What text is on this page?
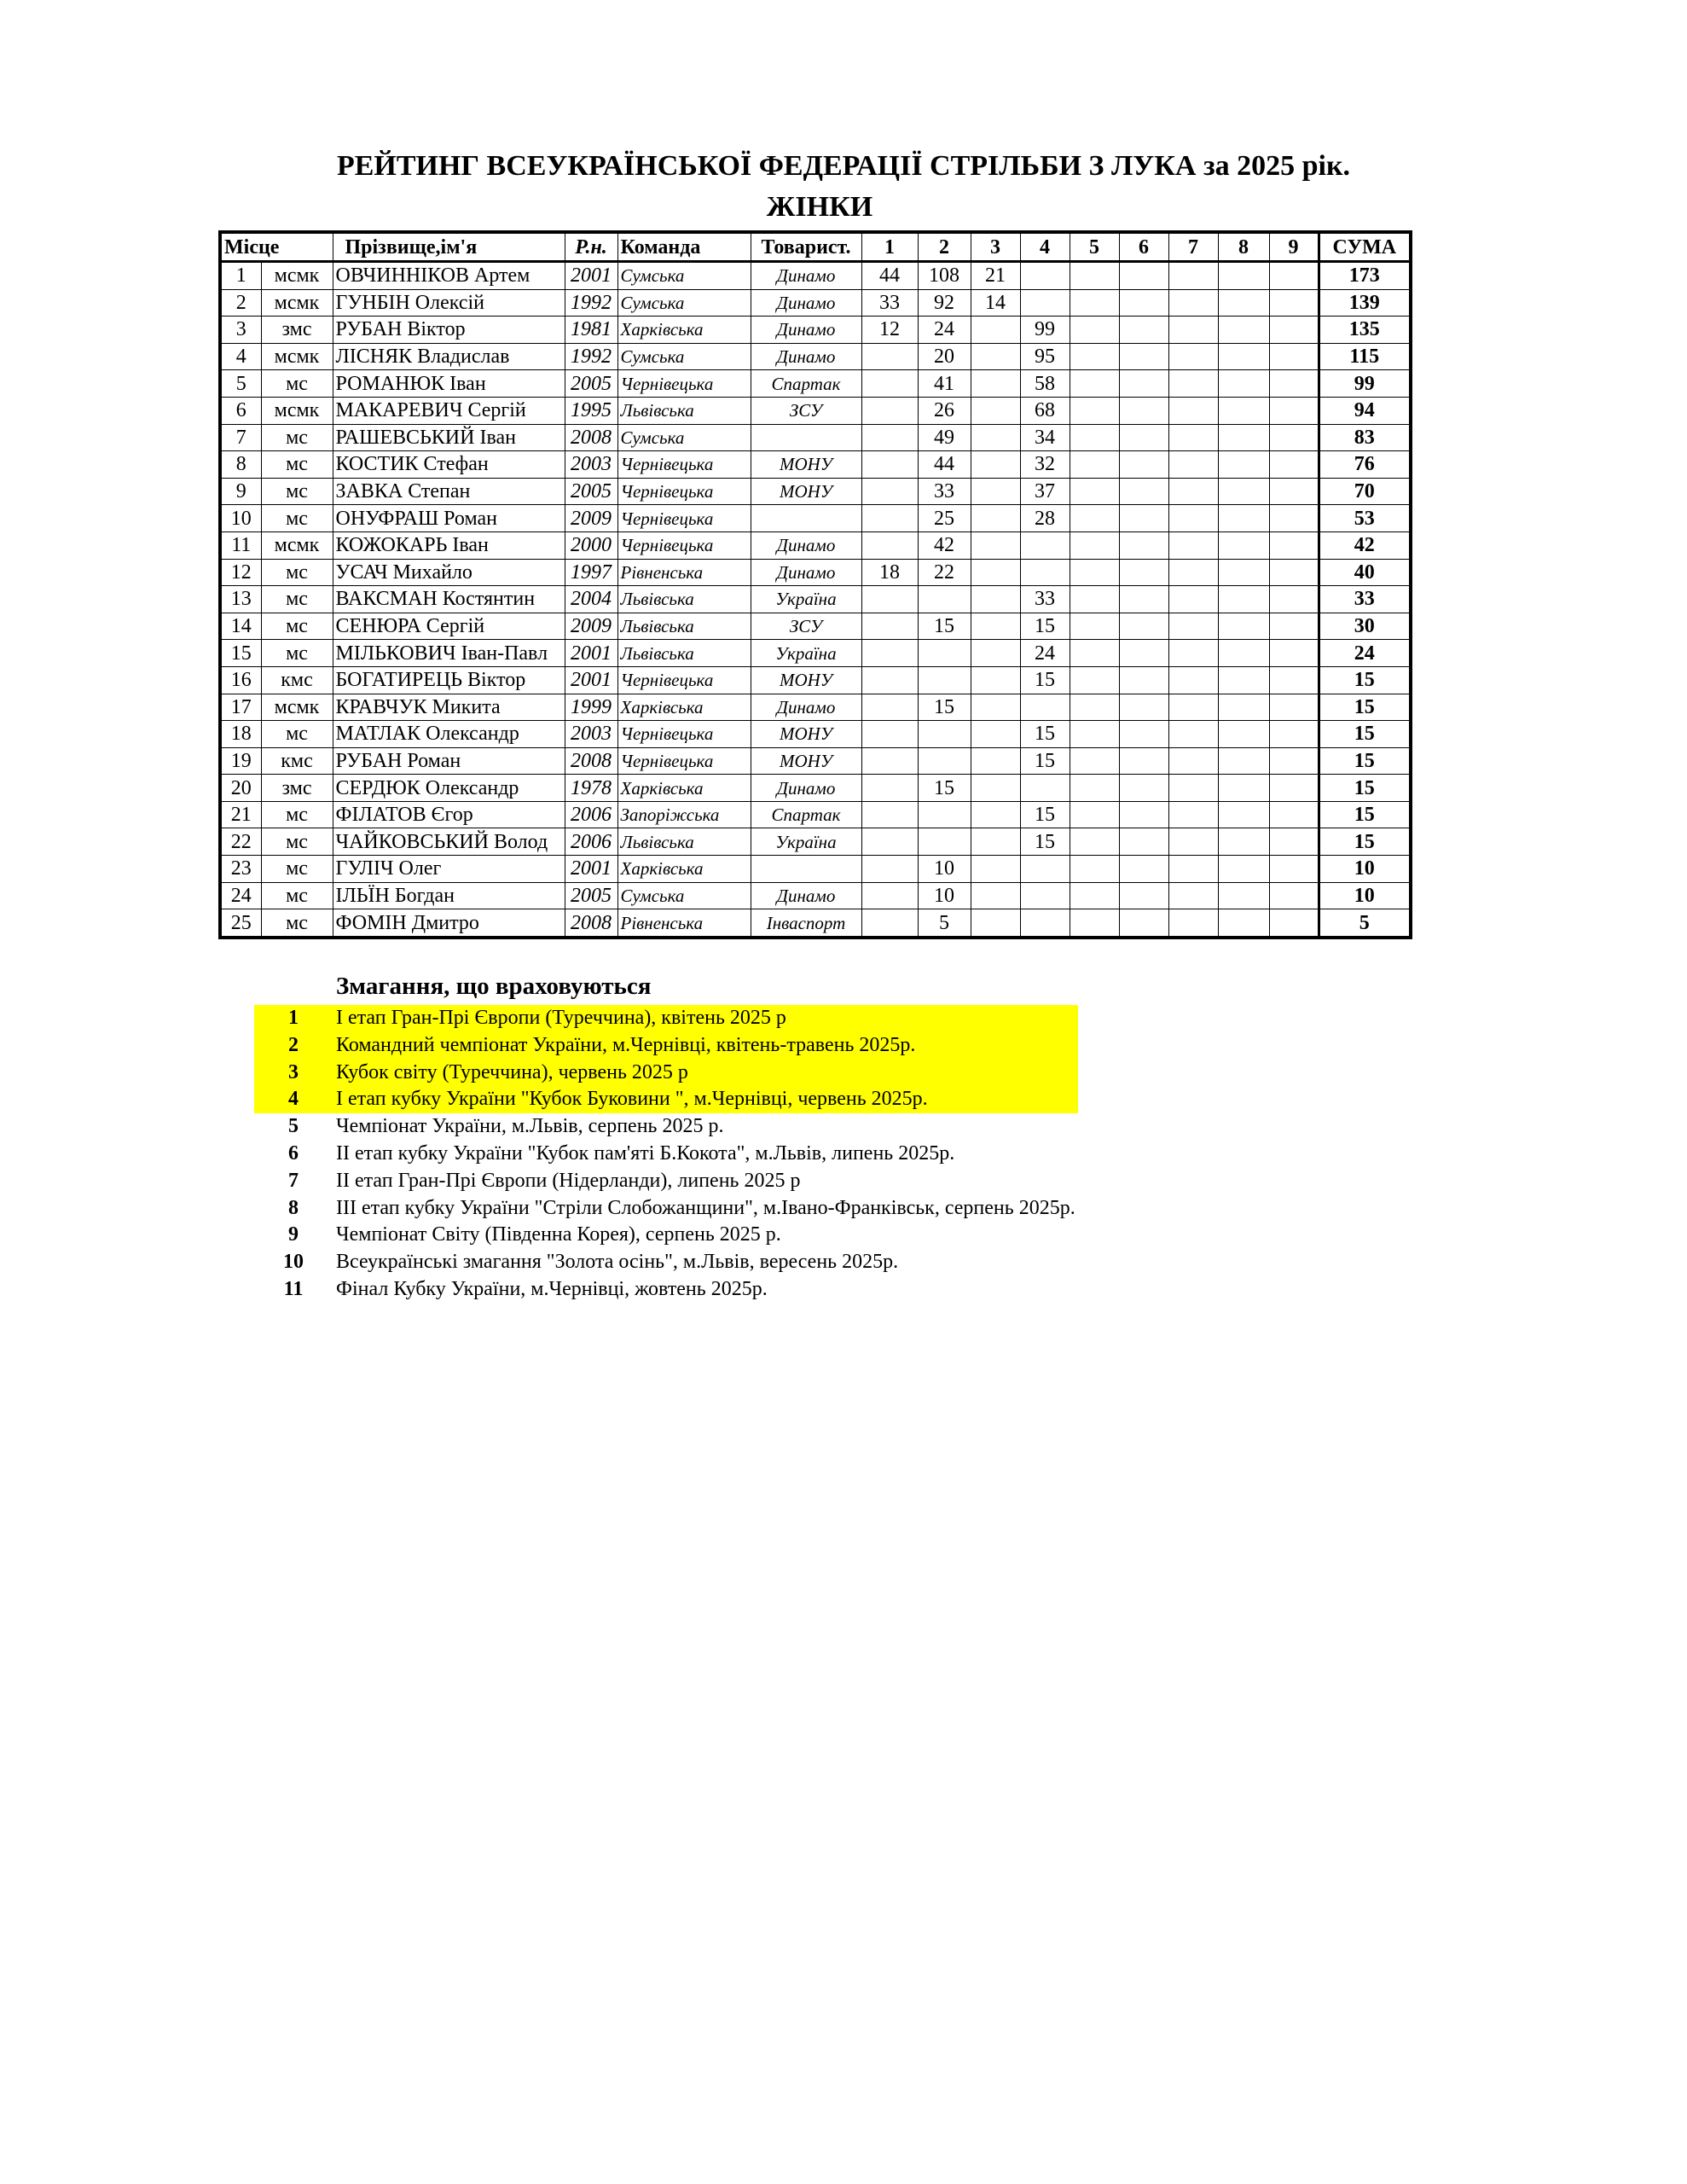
РЕЙТИНГ ВСЕУКРАЇНСЬКОЇ ФЕДЕРАЦІЇ СТРІЛЬБИ З ЛУКА за 2025 рік.
ЖІНКИ
Місце		Прізвище,ім'я	Р.н.	Команда	Товарист.	1	2	3	4	5	6	7	8	9	СУМА
1	мсмк	ОВЧИННІКОВ Артем	2001	Сумська	Динамо	44	108	21							173
2	мсмк	ГУНБІН Олексій	1992	Сумська	Динамо	33	92	14							139
3	змс	РУБАН Віктор	1981	Харківська	Динамо	12	24		99						135
4	мсмк	ЛІСНЯК Владислав	1992	Сумська	Динамо		20		95						115
5	мс	РОМАНЮК Іван	2005	Чернівецька	Спартак		41		58						99
6	мсмк	МАКАРЕВИЧ Сергій	1995	Львівська	ЗСУ		26		68						94
7	мс	РАШЕВСЬКИЙ Іван	2008	Сумська			49		34						83
8	мс	КОСТИК Стефан	2003	Чернівецька	МОНУ		44		32						76
9	мс	ЗАВКА Степан	2005	Чернівецька	МОНУ		33		37						70
10	мс	ОНУФРАШ Роман	2009	Чернівецька			25		28						53
11	мсмк	КОЖОКАРЬ Іван	2000	Чернівецька	Динамо		42								42
12	мс	УСАЧ Михайло	1997	Рівненська	Динамо	18	22								40
13	мс	ВАКСМАН Костянтин	2004	Львівська	Україна				33						33
14	мс	СЕНЮРА Сергій	2009	Львівська	ЗСУ		15		15						30
15	мс	МІЛЬКОВИЧ Іван-Павл	2001	Львівська	Україна				24						24
16	кмс	БОГАТИРЕЦЬ Віктор	2001	Чернівецька	МОНУ				15						15
17	мсмк	КРАВЧУК Микита	1999	Харківська	Динамо		15								15
18	мс	МАТЛАК Олександр	2003	Чернівецька	МОНУ				15						15
19	кмс	РУБАН Роман	2008	Чернівецька	МОНУ				15						15
20	змс	СЕРДЮК Олександр	1978	Харківська	Динамо		15								15
21	мс	ФІЛАТОВ Єгор	2006	Запоріжська	Спартак				15						15
22	мс	ЧАЙКОВСЬКИЙ Волод	2006	Львівська	Україна				15						15
23	мс	ГУЛІЧ Олег	2001	Харківська			10								10
24	мс	ІЛЬЇН Богдан	2005	Сумська	Динамо		10								10
25	мс	ФОМІН Дмитро	2008	Рівненська	Інваспорт		5								5
Змагання, що враховуються
1	І етап Гран-Прі Європи (Туреччина), квітень 2025 р
2	Командний чемпіонат України, м.Чернівці, квітень-травень 2025р.
3	Кубок світу (Туреччина), червень 2025 р
4	І етап кубку України "Кубок Буковини ", м.Чернівці, червень 2025р.
5	Чемпіонат України, м.Львів, серпень 2025 р.
6	ІІ етап кубку України "Кубок пам'яті Б.Кокота", м.Львів, липень 2025р.
7	ІІ етап Гран-Прі Європи (Нідерланди), липень 2025 р
8	ІІІ етап кубку України "Стріли Слобожанщини", м.Івано-Франківськ, серпень 2025р.
9	Чемпіонат Світу (Південна Корея), серпень 2025 р.
10	Всеукраїнські змагання "Золота осінь", м.Львів, вересень 2025р.
11	Фінал Кубку України, м.Чернівці, жовтень 2025р.
